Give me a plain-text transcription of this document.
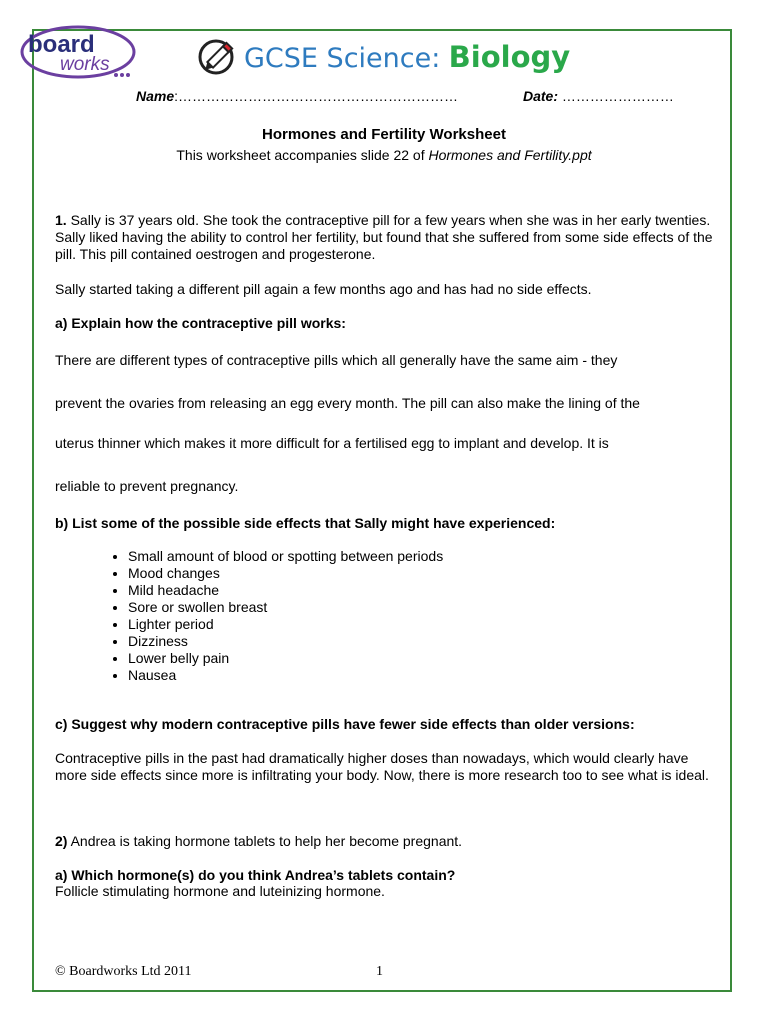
board
works	GCSE Science: Biology
Name:……………………………………………………	Date: ……………………
Hormones and Fertility Worksheet
This worksheet accompanies slide 22 of Hormones and Fertility.ppt
1. Sally is 37 years old. She took the contraceptive pill for a few years when she was in her early twenties. Sally liked having the ability to control her fertility, but found that she suffered from some side effects of the pill. This pill contained oestrogen and progesterone.
Sally started taking a different pill again a few months ago and has had no side effects.
a) Explain how the contraceptive pill works:
There are different types of contraceptive pills which all generally have the same aim - they
prevent the ovaries from releasing an egg every month. The pill can also make the lining of the
uterus thinner which makes it more difficult for a fertilised egg to implant and develop. It is
reliable to prevent pregnancy.
b) List some of the possible side effects that Sally might have experienced:
• Small amount of blood or spotting between periods
• Mood changes
• Mild headache
• Sore or swollen breast
• Lighter period
• Dizziness
• Lower belly pain
• Nausea
c) Suggest why modern contraceptive pills have fewer side effects than older versions:
Contraceptive pills in the past had dramatically higher doses than nowadays, which would clearly have more side effects since more is infiltrating your body. Now, there is more research too to see what is ideal.
2) Andrea is taking hormone tablets to help her become pregnant.
a) Which hormone(s) do you think Andrea’s tablets contain?
Follicle stimulating hormone and luteinizing hormone.
© Boardworks Ltd 2011	1
